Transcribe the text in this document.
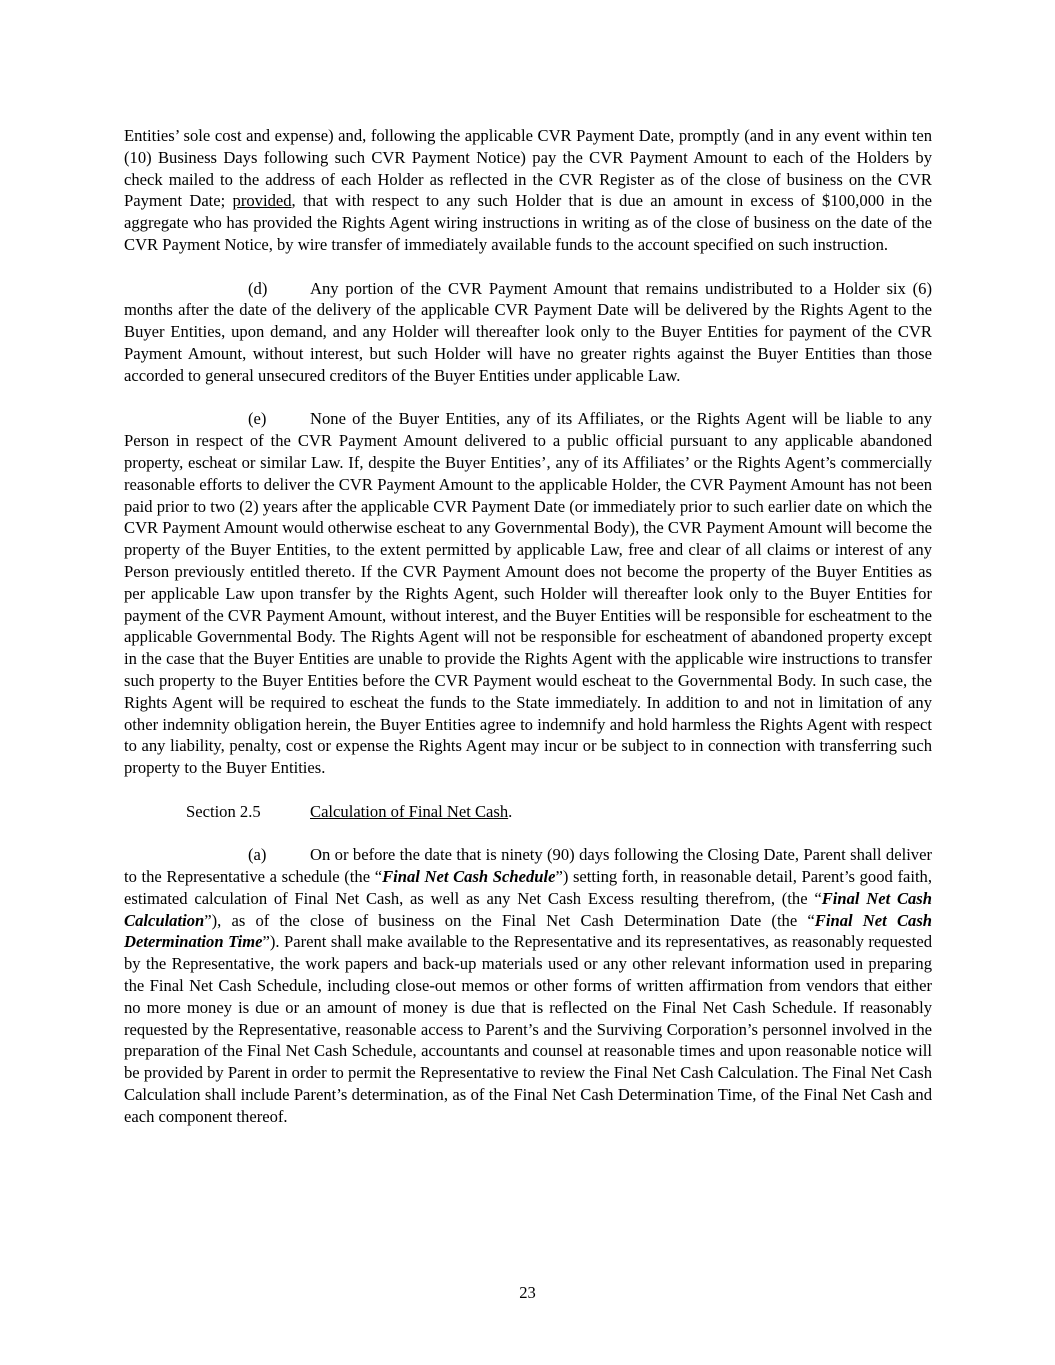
Entities’ sole cost and expense) and, following the applicable CVR Payment Date, promptly (and in any event within ten (10) Business Days following such CVR Payment Notice) pay the CVR Payment Amount to each of the Holders by check mailed to the address of each Holder as reflected in the CVR Register as of the close of business on the CVR Payment Date; provided, that with respect to any such Holder that is due an amount in excess of $100,000 in the aggregate who has provided the Rights Agent wiring instructions in writing as of the close of business on the date of the CVR Payment Notice, by wire transfer of immediately available funds to the account specified on such instruction.

(d)	Any portion of the CVR Payment Amount that remains undistributed to a Holder six (6) months after the date of the delivery of the applicable CVR Payment Date will be delivered by the Rights Agent to the Buyer Entities, upon demand, and any Holder will thereafter look only to the Buyer Entities for payment of the CVR Payment Amount, without interest, but such Holder will have no greater rights against the Buyer Entities than those accorded to general unsecured creditors of the Buyer Entities under applicable Law.

(e)	None of the Buyer Entities, any of its Affiliates, or the Rights Agent will be liable to any Person in respect of the CVR Payment Amount delivered to a public official pursuant to any applicable abandoned property, escheat or similar Law. If, despite the Buyer Entities’, any of its Affiliates’ or the Rights Agent’s commercially reasonable efforts to deliver the CVR Payment Amount to the applicable Holder, the CVR Payment Amount has not been paid prior to two (2) years after the applicable CVR Payment Date (or immediately prior to such earlier date on which the CVR Payment Amount would otherwise escheat to any Governmental Body), the CVR Payment Amount will become the property of the Buyer Entities, to the extent permitted by applicable Law, free and clear of all claims or interest of any Person previously entitled thereto. If the CVR Payment Amount does not become the property of the Buyer Entities as per applicable Law upon transfer by the Rights Agent, such Holder will thereafter look only to the Buyer Entities for payment of the CVR Payment Amount, without interest, and the Buyer Entities will be responsible for escheatment to the applicable Governmental Body. The Rights Agent will not be responsible for escheatment of abandoned property except in the case that the Buyer Entities are unable to provide the Rights Agent with the applicable wire instructions to transfer such property to the Buyer Entities before the CVR Payment would escheat to the Governmental Body. In such case, the Rights Agent will be required to escheat the funds to the State immediately. In addition to and not in limitation of any other indemnity obligation herein, the Buyer Entities agree to indemnify and hold harmless the Rights Agent with respect to any liability, penalty, cost or expense the Rights Agent may incur or be subject to in connection with transferring such property to the Buyer Entities.

Section 2.5	Calculation of Final Net Cash.

(a)	On or before the date that is ninety (90) days following the Closing Date, Parent shall deliver to the Representative a schedule (the “Final Net Cash Schedule”) setting forth, in reasonable detail, Parent’s good faith, estimated calculation of Final Net Cash, as well as any Net Cash Excess resulting therefrom, (the “Final Net Cash Calculation”), as of the close of business on the Final Net Cash Determination Date (the “Final Net Cash Determination Time”). Parent shall make available to the Representative and its representatives, as reasonably requested by the Representative, the work papers and back-up materials used or any other relevant information used in preparing the Final Net Cash Schedule, including close-out memos or other forms of written affirmation from vendors that either no more money is due or an amount of money is due that is reflected on the Final Net Cash Schedule. If reasonably requested by the Representative, reasonable access to Parent’s and the Surviving Corporation’s personnel involved in the preparation of the Final Net Cash Schedule, accountants and counsel at reasonable times and upon reasonable notice will be provided by Parent in order to permit the Representative to review the Final Net Cash Calculation. The Final Net Cash Calculation shall include Parent’s determination, as of the Final Net Cash Determination Time, of the Final Net Cash and each component thereof.

23
